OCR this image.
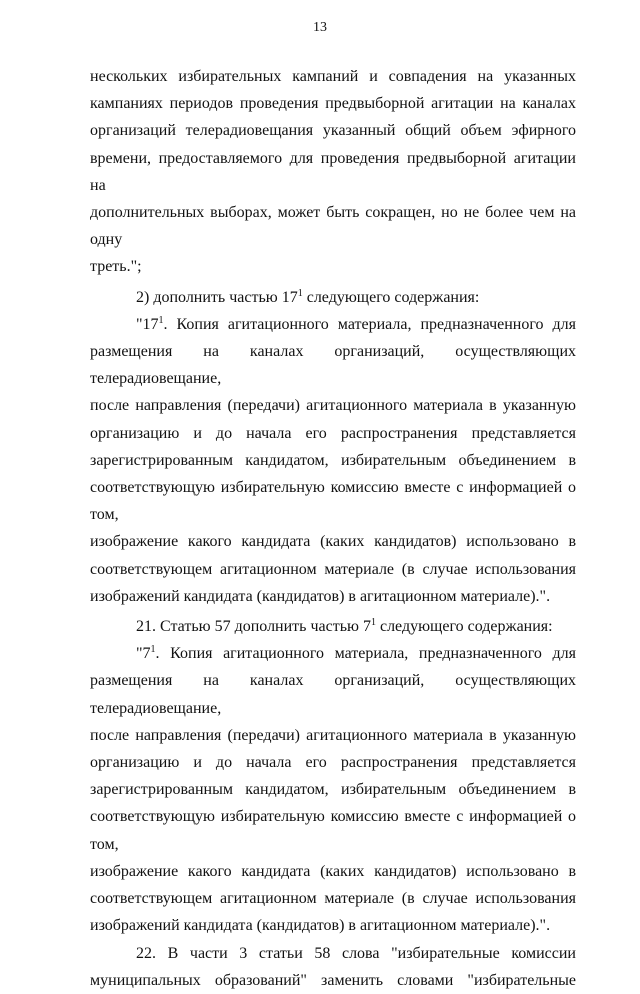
13

нескольких избирательных кампаний и совпадения на указанных

кампаниях периодов проведения предвыборной агитации на каналах

организаций телерадиовещания указанный общий объем эфирного

времени, предоставляемого для проведения предвыборной агитации на

дополнительных выборах, может быть сокращен, но не более чем на одну

треть.";

2) дополнить частью $17^1$ следующего содержания:

"$17^1$. Копия агитационного материала, предназначенного для

размещения на каналах организаций, осуществляющих телерадиовещание,

после направления (передачи) агитационного материала в указанную

организацию и до начала его распространения представляется

зарегистрированным кандидатом, избирательным объединением в

соответствующую избирательную комиссию вместе с информацией о том,

изображение какого кандидата (каких кандидатов) использовано в

соответствующем агитационном материале (в случае использования

изображений кандидата (кандидатов) в агитационном материале).".

21. Статью 57 дополнить частью $7^1$ следующего содержания:

"$7^1$. Копия агитационного материала, предназначенного для

размещения на каналах организаций, осуществляющих телерадиовещание,

после направления (передачи) агитационного материала в указанную

организацию и до начала его распространения представляется

зарегистрированным кандидатом, избирательным объединением в

соответствующую избирательную комиссию вместе с информацией о том,

изображение какого кандидата (каких кандидатов) использовано в

соответствующем агитационном материале (в случае использования

изображений кандидата (кандидатов) в агитационном материале).".

22. В части 3 статьи 58 слова "избирательные комиссии

муниципальных образований" заменить словами "избирательные
